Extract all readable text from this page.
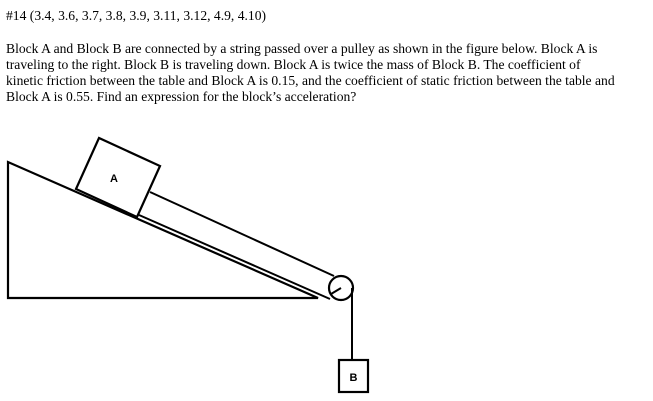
#14 (3.4, 3.6, 3.7, 3.8, 3.9, 3.11, 3.12, 4.9, 4.10)
Block A and Block B are connected by a string passed over a pulley as shown in the figure below. Block A is
traveling to the right. Block B is traveling down. Block A is twice the mass of Block B. The coefficient of
kinetic friction between the table and Block A is 0.15, and the coefficient of static friction between the table and
Block A is 0.55. Find an expression for the block’s acceleration?
A
B
